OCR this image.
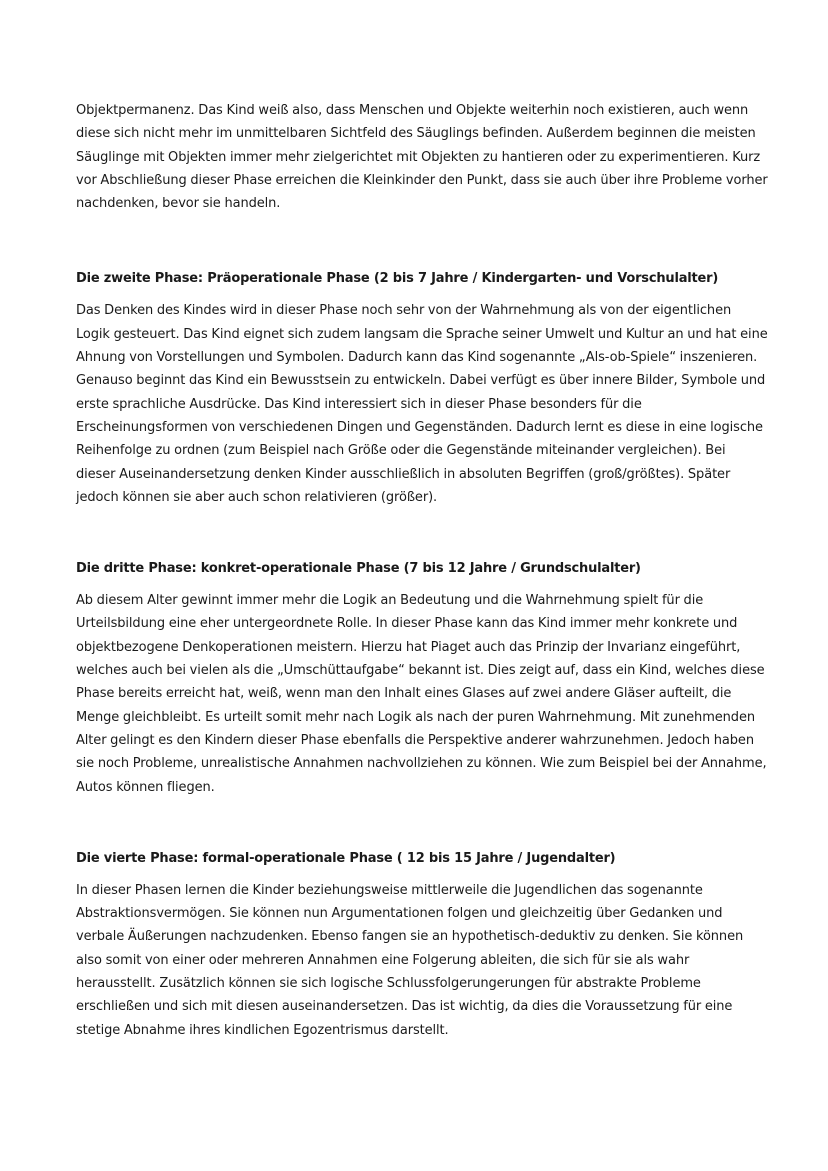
Objektpermanenz. Das Kind weiß also, dass Menschen und Objekte weiterhin noch existieren, auch wenn diese sich nicht mehr im unmittelbaren Sichtfeld des Säuglings befinden. Außerdem beginnen die meisten Säuglinge mit Objekten immer mehr zielgerichtet mit Objekten zu hantieren oder zu experimentieren. Kurz vor Abschließung dieser Phase erreichen die Kleinkinder den Punkt, dass sie auch über ihre Probleme vorher nachdenken, bevor sie handeln.

Die zweite Phase: Präoperationale Phase (2 bis 7 Jahre / Kindergarten- und Vorschulalter)

Das Denken des Kindes wird in dieser Phase noch sehr von der Wahrnehmung als von der eigentlichen Logik gesteuert. Das Kind eignet sich zudem langsam die Sprache seiner Umwelt und Kultur an und hat eine Ahnung von Vorstellungen und Symbolen. Dadurch kann das Kind sogenannte „Als-ob-Spiele“ inszenieren. Genauso beginnt das Kind ein Bewusstsein zu entwickeln. Dabei verfügt es über innere Bilder, Symbole und erste sprachliche Ausdrücke. Das Kind interessiert sich in dieser Phase besonders für die Erscheinungsformen von verschiedenen Dingen und Gegenständen. Dadurch lernt es diese in eine logische Reihenfolge zu ordnen (zum Beispiel nach Größe oder die Gegenstände miteinander vergleichen). Bei dieser Auseinandersetzung denken Kinder ausschließlich in absoluten Begriffen (groß/größtes). Später jedoch können sie aber auch schon relativieren (größer).

Die dritte Phase: konkret-operationale Phase (7 bis 12 Jahre / Grundschulalter)

Ab diesem Alter gewinnt immer mehr die Logik an Bedeutung und die Wahrnehmung spielt für die Urteilsbildung eine eher untergeordnete Rolle. In dieser Phase kann das Kind immer mehr konkrete und objektbezogene Denkoperationen meistern. Hierzu hat Piaget auch das Prinzip der Invarianz eingeführt, welches auch bei vielen als die „Umschüttaufgabe“ bekannt ist. Dies zeigt auf, dass ein Kind, welches diese Phase bereits erreicht hat, weiß, wenn man den Inhalt eines Glases auf zwei andere Gläser aufteilt, die Menge gleichbleibt. Es urteilt somit mehr nach Logik als nach der puren Wahrnehmung. Mit zunehmenden Alter gelingt es den Kindern dieser Phase ebenfalls die Perspektive anderer wahrzunehmen. Jedoch haben sie noch Probleme, unrealistische Annahmen nachvollziehen zu können. Wie zum Beispiel bei der Annahme, Autos können fliegen.

Die vierte Phase: formal-operationale Phase ( 12 bis 15 Jahre / Jugendalter)

In dieser Phasen lernen die Kinder beziehungsweise mittlerweile die Jugendlichen das sogenannte Abstraktionsvermögen. Sie können nun Argumentationen folgen und gleichzeitig über Gedanken und verbale Äußerungen nachzudenken. Ebenso fangen sie an hypothetisch-deduktiv zu denken. Sie können also somit von einer oder mehreren Annahmen eine Folgerung ableiten, die sich für sie als wahr herausstellt. Zusätzlich können sie sich logische Schlussfolgerungerungen für abstrakte Probleme erschließen und sich mit diesen auseinandersetzen. Das ist wichtig, da dies die Voraussetzung für eine stetige Abnahme ihres kindlichen Egozentrismus darstellt.
